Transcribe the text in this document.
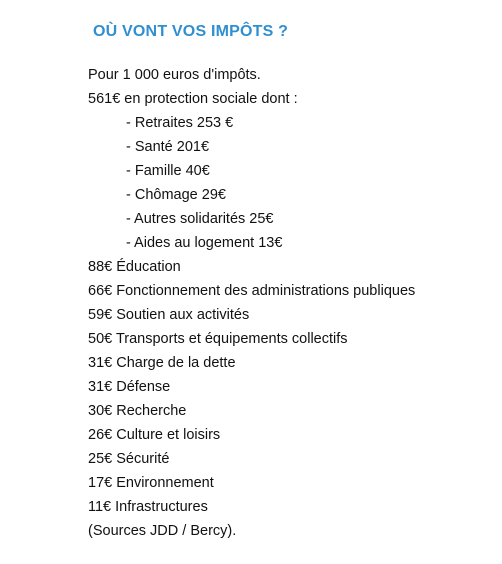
OÙ VONT VOS IMPÔTS ?
Pour 1 000 euros d'impôts.
561€ en protection sociale dont :
- Retraites 253 €
- Santé 201€
- Famille 40€
- Chômage 29€
- Autres solidarités 25€
- Aides au logement 13€
88€ Éducation
66€ Fonctionnement des administrations publiques
59€ Soutien aux activités
50€ Transports et équipements collectifs
31€ Charge de la dette
31€ Défense
30€ Recherche
26€ Culture et loisirs
25€ Sécurité
17€ Environnement
11€ Infrastructures
(Sources JDD / Bercy).
